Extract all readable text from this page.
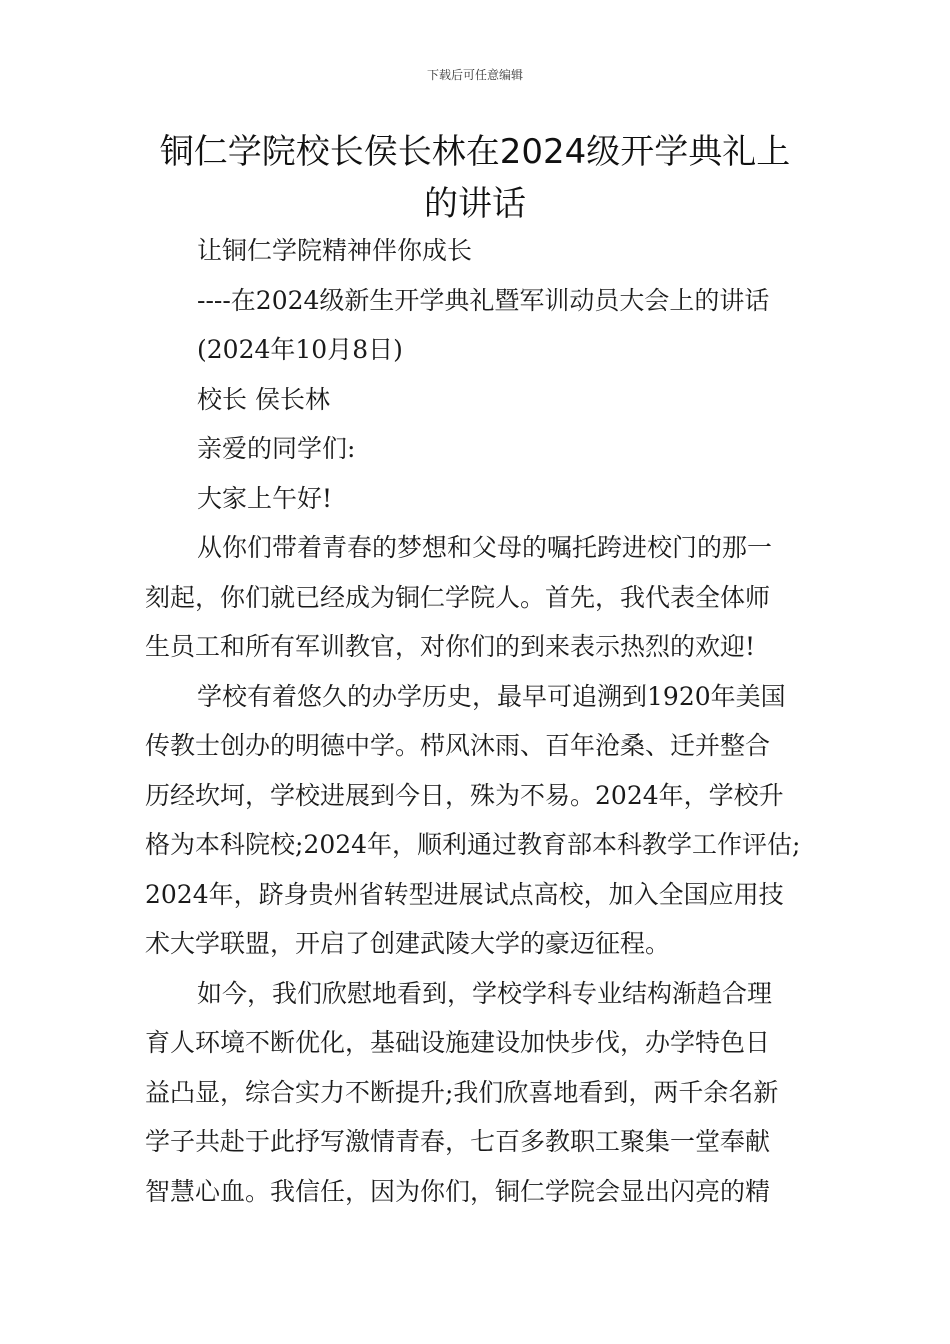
下载后可任意编辑
铜仁学院校长侯长林在2024级开学典礼上
的讲话
让铜仁学院精神伴你成长
----在2024级新生开学典礼暨军训动员大会上的讲话
(2024年10月8日)
校长 侯长林
亲爱的同学们:
大家上午好!
从你们带着青春的梦想和父母的嘱托跨进校门的那一
刻起，你们就已经成为铜仁学院人。首先，我代表全体师
生员工和所有军训教官，对你们的到来表示热烈的欢迎!
学校有着悠久的办学历史，最早可追溯到1920年美国
传教士创办的明德中学。栉风沐雨、百年沧桑、迁并整合
历经坎坷，学校进展到今日，殊为不易。2024年，学校升
格为本科院校;2024年，顺利通过教育部本科教学工作评估;
2024年，跻身贵州省转型进展试点高校，加入全国应用技
术大学联盟，开启了创建武陵大学的豪迈征程。
如今，我们欣慰地看到，学校学科专业结构渐趋合理
育人环境不断优化，基础设施建设加快步伐，办学特色日
益凸显，综合实力不断提升;我们欣喜地看到，两千余名新
学子共赴于此抒写激情青春，七百多教职工聚集一堂奉献
智慧心血。我信任，因为你们，铜仁学院会显出闪亮的精
